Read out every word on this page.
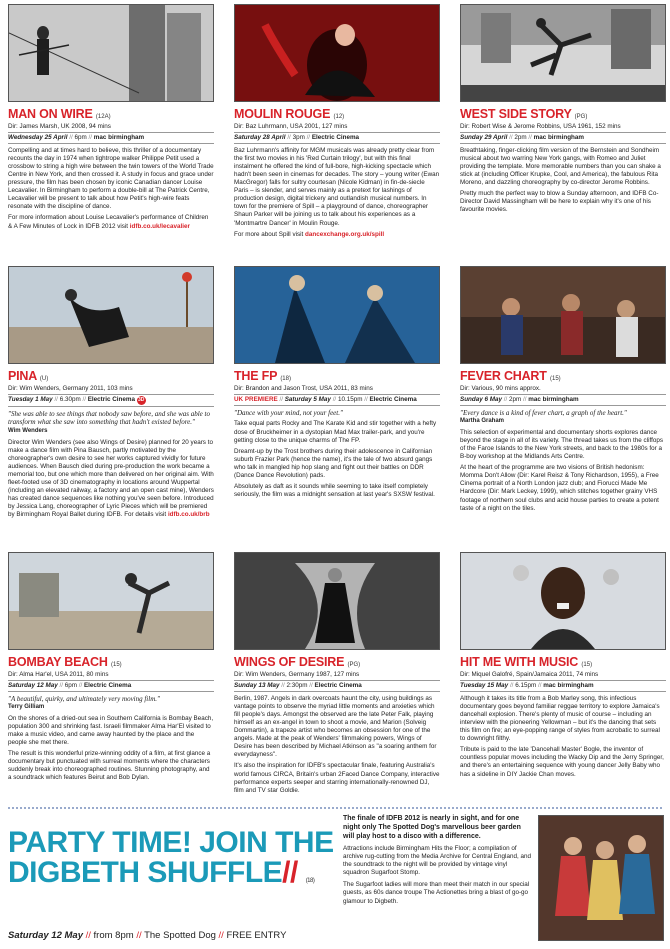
MAN ON WIRE (12A)
Dir: James Marsh, UK 2008, 94 mins
Wednesday 25 April // 6pm // mac birmingham

Compelling and at times hard to believe, this thriller of a documentary recounts the day in 1974 when tightrope walker Philippe Petit used a crossbow to string a high wire between the twin towers of the World Trade Centre in New York, and then crossed it. A study in focus and grace under pressure, the film has been chosen by iconic Canadian dancer Louise Lecavalier. In Birmingham to perform a double-bill at The Patrick Centre, Lecavalier will be present to talk about how Petit's high-wire feats resonate with the discipline of dance.

For more information about Louise Lecavalier's performance of Children & A Few Minutes of Lock in IDFB 2012 visit idfb.co.uk/lecavalier

MOULIN ROUGE (12)
Dir: Baz Luhrmann, USA 2001, 127 mins
Saturday 28 April // 3pm // Electric Cinema

Baz Luhrmann's affinity for MGM musicals was already pretty clear from the first two movies in his 'Red Curtain trilogy', but with this final instalment he offered the kind of full-bore, high-kicking spectacle which hadn't been seen in cinemas for decades. The story – young writer (Ewan MacGregor) falls for sultry courtesan (Nicole Kidman) in fin-de-siecle Paris – is slender, and serves mainly as a pretext for lashings of production design, digital trickery and outlandish musical numbers. In town for the premiere of Spill – a playground of dance, choreographer Shaun Parker will be joining us to talk about his experiences as a 'Montmartre Dancer' in Moulin Rouge.

For more about Spill visit dancexchange.org.uk/spill

WEST SIDE STORY (PG)
Dir: Robert Wise & Jerome Robbins, USA 1961, 152 mins
Sunday 29 April // 2pm // mac birmingham

Breathtaking, finger-clicking film version of the Bernstein and Sondheim musical about two warring New York gangs, with Romeo and Juliet providing the template. More memorable numbers than you can shake a stick at (including Officer Krupke, Cool, and America), the fabulous Rita Moreno, and dazzling choreography by co-director Jerome Robbins.

Pretty much the perfect way to blow a Sunday afternoon, and IDFB Co-Director David Massingham will be here to explain why it's one of his favourite movies.

PINA (U)
Dir: Wim Wenders, Germany 2011, 103 mins
Tuesday 1 May // 6.30pm // Electric Cinema 3D
"She was able to see things that nobody saw before, and she was able to transform what she saw into something that hadn't existed before."
Wim Wenders

Director Wim Wenders (see also Wings of Desire) planned for 20 years to make a dance film with Pina Bausch, partly motivated by the choreographer's own desire to see her works captured vividly for future audiences. When Bausch died during pre-production the work became a memorial too, but one which more than delivered on her original aim. With fleet-footed use of 3D cinematography in locations around Wuppertal (including an elevated railway, a factory and an open cast mine), Wenders has created dance sequences like nothing you've seen before. Introduced by Jessica Lang, choreographer of Lyric Pieces which will be premiered by Birmingham Royal Ballet during IDFB. For details visit idfb.co.uk/brb

THE FP (18)
Dir: Brandon and Jason Trost, USA 2011, 83 mins
UK PREMIERE // Saturday 5 May // 10.15pm // Electric Cinema
"Dance with your mind, not your feet."

Take equal parts Rocky and The Karate Kid and stir together with a hefty dose of Bruckheimer in a dystopian Mad Max trailer-park, and you're getting close to the unique charms of The FP.

Dreamt-up by the Trost brothers during their adolescence in Californian suburb Frazier Park (hence the name), it's the tale of two absurd gangs who talk in mangled hip hop slang and fight out their battles on DDR (Dance Dance Revolution) pads.

Absolutely as daft as it sounds while seeming to take itself completely seriously, the film was a midnight sensation at last year's SXSW festival.

FEVER CHART (15)
Dir: Various, 90 mins approx.
Sunday 6 May // 2pm // mac birmingham
"Every dance is a kind of fever chart, a graph of the heart."
Martha Graham

This selection of experimental and documentary shorts explores dance beyond the stage in all of its variety. The thread takes us from the cliffops of the Faroe Islands to the New York streets, and back to the 1980s for a B-boy workshop at the Midlands Arts Centre.

At the heart of the programme are two visions of British hedonism: Momma Don't Allow (Dir: Karel Reisz & Tony Richardson, 1955), a Free Cinema portrait of a North London jazz club; and Fiorucci Made Me Hardcore (Dir: Mark Leckey, 1999), which stitches together grainy VHS footage of northern soul clubs and acid house parties to create a potent taste of a night on the tiles.

BOMBAY BEACH (15)
Dir: Alma Har'el, USA 2011, 80 mins
Saturday 12 May // 6pm // Electric Cinema
"A beautiful, quirky, and ultimately very moving film."
Terry Gilliam

On the shores of a dried-out sea in Southern California is Bombay Beach, population 300 and shrinking fast. Israeli filmmaker Alma Har'El visited to make a music video, and came away haunted by the place and the people she met there.

The result is this wonderful prize-winning oddity of a film, at first glance a documentary but punctuated with surreal moments where the characters suddenly break into choreographed routines. Stunning photography, and a soundtrack which features Beirut and Bob Dylan.

WINGS OF DESIRE (PG)
Dir: Wim Wenders, Germany 1987, 127 mins
Sunday 13 May // 2:30pm // Electric Cinema

Berlin, 1987. Angels in dark overcoats haunt the city, using buildings as vantage points to observe the myriad little moments and anxieties which fill people's days. Amongst the observed are the late Peter Falk, playing himself as an ex-angel in town to shoot a movie, and Marion (Solveig Dommartin), a trapeze artist who becomes an obsession for one of the angels. Made at the peak of Wenders' filmmaking powers, Wings of Desire has been described by Michael Atkinson as "a soaring anthem for everydayness".

It's also the inspiration for IDFB's spectacular finale, featuring Australia's world famous CIRCA, Britain's urban 2Faced Dance Company, interactive performance experts seeper and starring internationally-renowned DJ, film and TV star Goldie.

HIT ME WITH MUSIC (15)
Dir: Miquel Galofré, Spain/Jamaica 2011, 74 mins
Tuesday 15 May // 6.15pm // mac birmingham

Although it takes its title from a Bob Marley song, this infectious documentary goes beyond familiar reggae territory to explore Jamaica's dancehall explosion. There's plenty of music of course – including an interview with the pioneering Yellowman – but it's the dancing that sets this film on fire; an eye-popping range of styles from acrobatic to surreal to downright filthy.

Tribute is paid to the late 'Dancehall Master' Bogle, the inventor of countless popular moves including the Wacky Dip and the Jerry Springer, and there's an entertaining sequence with young dancer Jelly Baby who has a sideline in DIY Jackie Chan moves.

PARTY TIME! JOIN THE
DIGBETH SHUFFLE// (18)
Saturday 12 May // from 8pm // The Spotted Dog // FREE ENTRY

The finale of IDFB 2012 is nearly in sight, and for one night only The Spotted Dog's marvellous beer garden will play host to a disco with a difference.

Attractions include Birmingham Hits the Floor; a compilation of archive rug-cutting from the Media Archive for Central England, and the soundtrack to the night will be provided by vintage vinyl squadron Sugarfoot Stomp.

The Sugarfoot ladies will more than meet their match in our special guests, as 60s dance troupe The Actionettes bring a blast of go-go glamour to Digbeth.
